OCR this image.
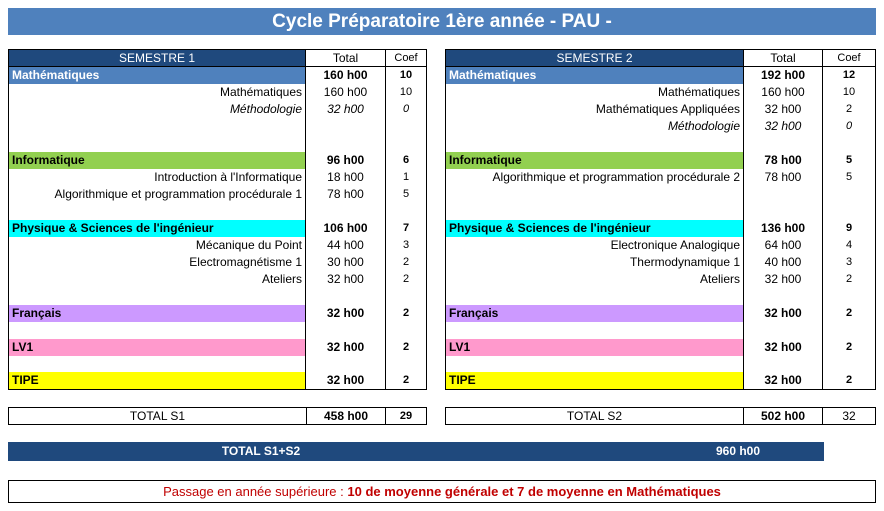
Cycle Préparatoire 1ère année - PAU -
SEMESTRE 1	Total	Coef
Mathématiques	160 h00	10
Mathématiques	160 h00	10
Méthodologie	32 h00	0
Informatique	96 h00	6
Introduction à l'Informatique	18 h00	1
Algorithmique et programmation procédurale 1	78 h00	5
Physique & Sciences de l'ingénieur	106 h00	7
Mécanique du Point	44 h00	3
Electromagnétisme 1	30 h00	2
Ateliers	32 h00	2
Français	32 h00	2
LV1	32 h00	2
TIPE	32 h00	2
SEMESTRE 2	Total	Coef
Mathématiques	192 h00	12
Mathématiques	160 h00	10
Mathématiques Appliquées	32 h00	2
Méthodologie	32 h00	0
Informatique	78 h00	5
Algorithmique et programmation procédurale 2	78 h00	5
Physique & Sciences de l'ingénieur	136 h00	9
Electronique Analogique	64 h00	4
Thermodynamique 1	40 h00	3
Ateliers	32 h00	2
Français	32 h00	2
LV1	32 h00	2
TIPE	32 h00	2
TOTAL S1	458 h00	29	TOTAL S2	502 h00	32
TOTAL S1+S2	960 h00
Passage en année supérieure : 10 de moyenne générale et 7 de moyenne en Mathématiques
